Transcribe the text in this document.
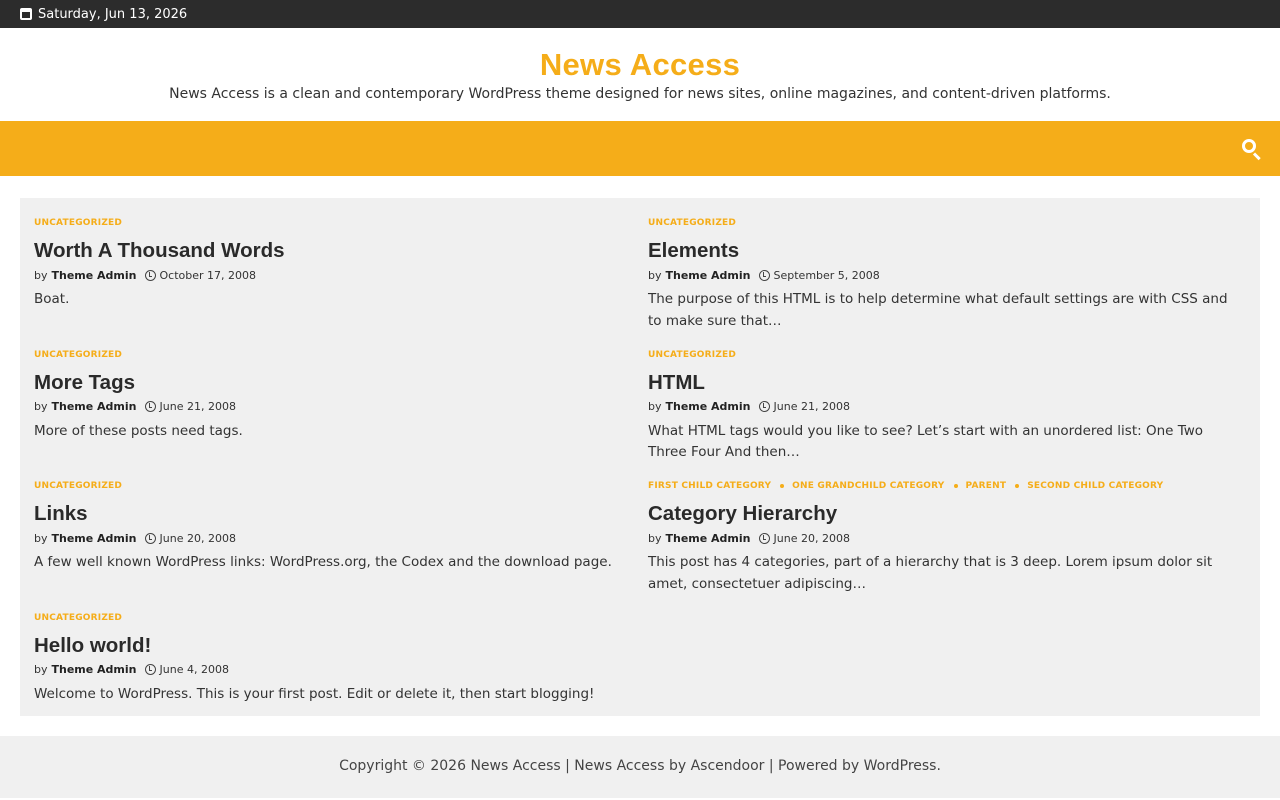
Saturday, Jun 13, 2026
News Access
News Access is a clean and contemporary WordPress theme designed for news sites, online magazines, and content-driven platforms.
UNCATEGORIZED
Worth A Thousand Words
by Theme Admin October 17, 2008
Boat.
UNCATEGORIZED
Elements
by Theme Admin September 5, 2008
The purpose of this HTML is to help determine what default settings are with CSS and to make sure that…
UNCATEGORIZED
More Tags
by Theme Admin June 21, 2008
More of these posts need tags.
UNCATEGORIZED
HTML
by Theme Admin June 21, 2008
What HTML tags would you like to see? Let’s start with an unordered list: One Two Three Four And then…
UNCATEGORIZED
Links
by Theme Admin June 20, 2008
A few well known WordPress links: WordPress.org, the Codex and the download page.
FIRST CHILD CATEGORY ONE GRANDCHILD CATEGORY PARENT SECOND CHILD CATEGORY
Category Hierarchy
by Theme Admin June 20, 2008
This post has 4 categories, part of a hierarchy that is 3 deep. Lorem ipsum dolor sit amet, consectetuer adipiscing…
UNCATEGORIZED
Hello world!
by Theme Admin June 4, 2008
Welcome to WordPress. This is your first post. Edit or delete it, then start blogging!
Copyright © 2026 News Access | News Access by Ascendoor | Powered by WordPress.
